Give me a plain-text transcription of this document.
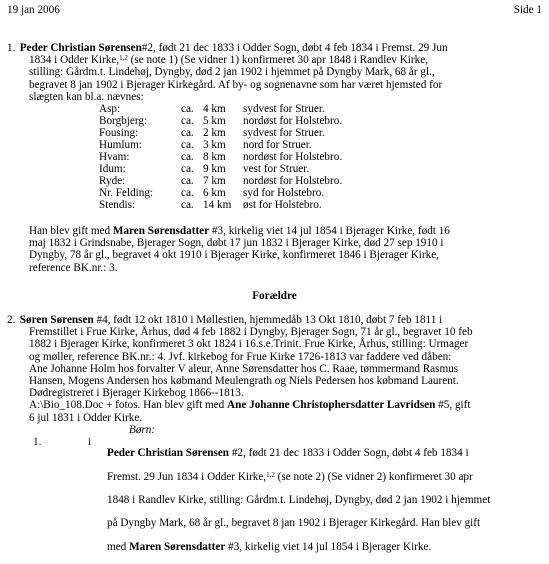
19 jan 2006	Side 1

1. Peder Christian Sørensen#2, født 21 dec 1833 i Odder Sogn, døbt 4 feb 1834 i Fremst. 29 Jun

1834 i Odder Kirke,$^{1,2}$ (se note 1) (Se vidner 1) konfirmeret 30 apr 1848 i Randlev Kirke,

stilling: Gårdm.t. Lindehøj, Dyngby, død 2 jan 1902 i hjemmet på Dyngby Mark, 68 år gl.,

begravet 8 jan 1902 i Bjerager Kirkegård. Af by- og sognenavne som har været hjemsted for

slægten kan bl.a. nævnes:

Asp:	ca.	4 km	sydvest for Struer.
Borgbjerg:	ca.	5 km	nordøst for Holstebro.
Fousing:	ca.	2 km	sydvest for Struer.
Humlum:	ca.	3 km	nord for Struer.
Hvam:	ca.	8 km	nordøst for Holstebro.
Idum:	ca.	9 km	vest for Struer.
Ryde:	ca.	7 km	nordøst for Holstebro.
Nr. Felding:	ca.	6 km	syd for Holstebro.
Stendis:	ca.	14 km	øst for Holstebro.

Han blev gift med Maren Sørensdatter #3, kirkelig viet 14 jul 1854 i Bjerager Kirke, født 16

maj 1832 i Grindsnabe, Bjerager Sogn, døbt 17 jun 1832 i Bjerager Kirke, død 27 sep 1910 i

Dyngby, 78 år gl., begravet 4 okt 1910 i Bjerager Kirke, konfirmeret 1846 i Bjerager Kirke,

reference BK.nr.: 3.

Forældre

2. Søren Sørensen #4, født 12 okt 1810 i Møllestien, hjemmedåb 13 Okt 1810, døbt 7 feb 1811 i

Fremstillet i Frue Kirke, Århus, død 4 feb 1882 i Dyngby, Bjerager Sogn, 71 år gl., begravet 10 feb

1882 i Bjerager Kirke, konfirmeret 3 okt 1824 i 16.s.e.Trinit. Frue Kirke, Århus, stilling: Urmager

og møller, reference BK.nr.: 4. Jvf. kirkebog for Frue Kirke 1726-1813 var faddere ved dåben:

Ane Johanne Holm hos forvalter V aleur, Anne Sørensdatter hos C. Raae, tømmermand Rasmus

Hansen, Mogens Andersen hos købmand Meulengrath og Niels Pedersen hos købmand Laurent.

Dødregistreret i Bjerager Kirkebog 1866--1813.

A:\Bio_108.Doc + fotos. Han blev gift med Ane Johanne Christophersdatter Lavridsen #5, gift

6 jul 1831 i Odder Kirke.

Børn:

1.	i

Peder Christian Sørensen #2, født 21 dec 1833 i Odder Sogn, døbt 4 feb 1834 i

Fremst. 29 Jun 1834 i Odder Kirke,$^{1,2}$ (se note 2) (Se vidner 2) konfirmeret 30 apr

1848 i Randlev Kirke, stilling: Gårdm.t. Lindehøj, Dyngby, død 2 jan 1902 i hjemmet

på Dyngby Mark, 68 år gl., begravet 8 jan 1902 i Bjerager Kirkegård. Han blev gift

med Maren Sørensdatter #3, kirkelig viet 14 jul 1854 i Bjerager Kirke.
